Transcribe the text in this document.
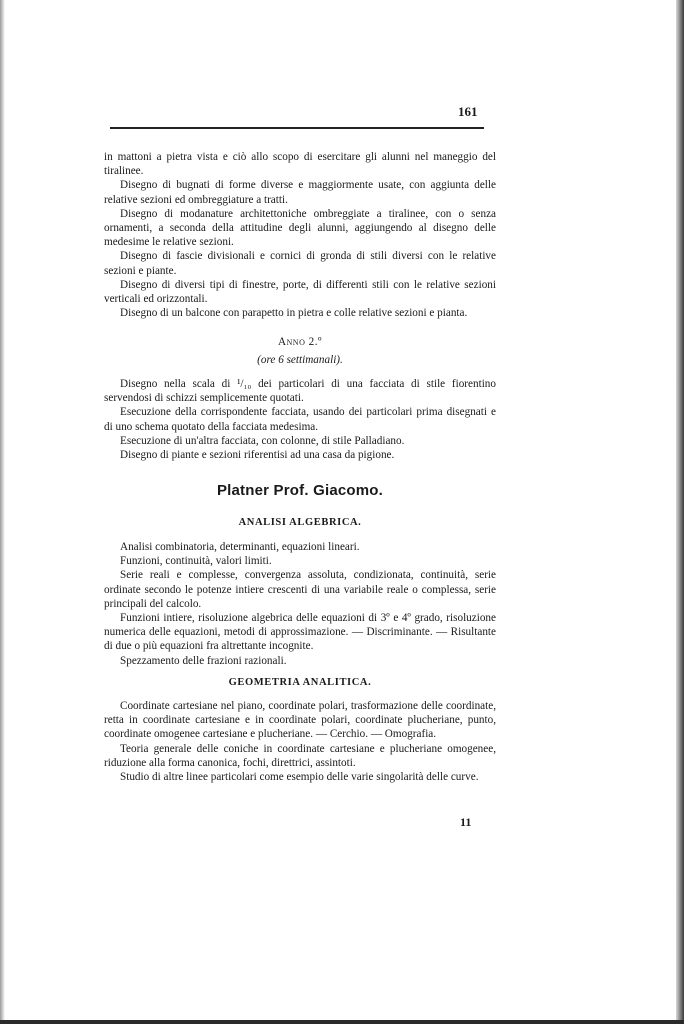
161

in mattoni a pietra vista e ciò allo scopo di esercitare gli alunni nel maneggio del tiralinee.

Disegno di bugnati di forme diverse e maggiormente usate, con aggiunta delle relative sezioni ed ombreggiature a tratti.

Disegno di modanature architettoniche ombreggiate a tiralinee, con o senza ornamenti, a seconda della attitudine degli alunni, aggiungendo al disegno delle medesime le relative sezioni.

Disegno di fascie divisionali e cornici di gronda di stili diversi con le relative sezioni e piante.

Disegno di diversi tipi di finestre, porte, di differenti stili con le relative sezioni verticali ed orizzontali.

Disegno di un balcone con parapetto in pietra e colle relative sezioni e pianta.

Anno 2.º
(ore 6 settimanali).

Disegno nella scala di ¹/₁₀ dei particolari di una facciata di stile fiorentino servendosi di schizzi semplicemente quotati.

Esecuzione della corrispondente facciata, usando dei particolari prima disegnati e di uno schema quotato della facciata medesima.

Esecuzione di un'altra facciata, con colonne, di stile Palladiano.

Disegno di piante e sezioni riferentisi ad una casa da pigione.

Platner Prof. Giacomo.
ANALISI ALGEBRICA.

Analisi combinatoria, determinanti, equazioni lineari.

Funzioni, continuità, valori limiti.

Serie reali e complesse, convergenza assoluta, condizionata, continuità, serie ordinate secondo le potenze intiere crescenti di una variabile reale o complessa, serie principali del calcolo.

Funzioni intiere, risoluzione algebrica delle equazioni di 3º e 4º grado, risoluzione numerica delle equazioni, metodi di approssimazione. — Discriminante. — Risultante di due o più equazioni fra altrettante incognite.

Spezzamento delle frazioni razionali.

GEOMETRIA ANALITICA.

Coordinate cartesiane nel piano, coordinate polari, trasformazione delle coordinate, retta in coordinate cartesiane e in coordinate polari, coordinate plucheriane, punto, coordinate omogenee cartesiane e plucheriane. — Cerchio. — Omografia.

Teoria generale delle coniche in coordinate cartesiane e plucheriane omogenee, riduzione alla forma canonica, fochi, direttrici, assintoti.

Studio di altre linee particolari come esempio delle varie singolarità delle curve.

11
